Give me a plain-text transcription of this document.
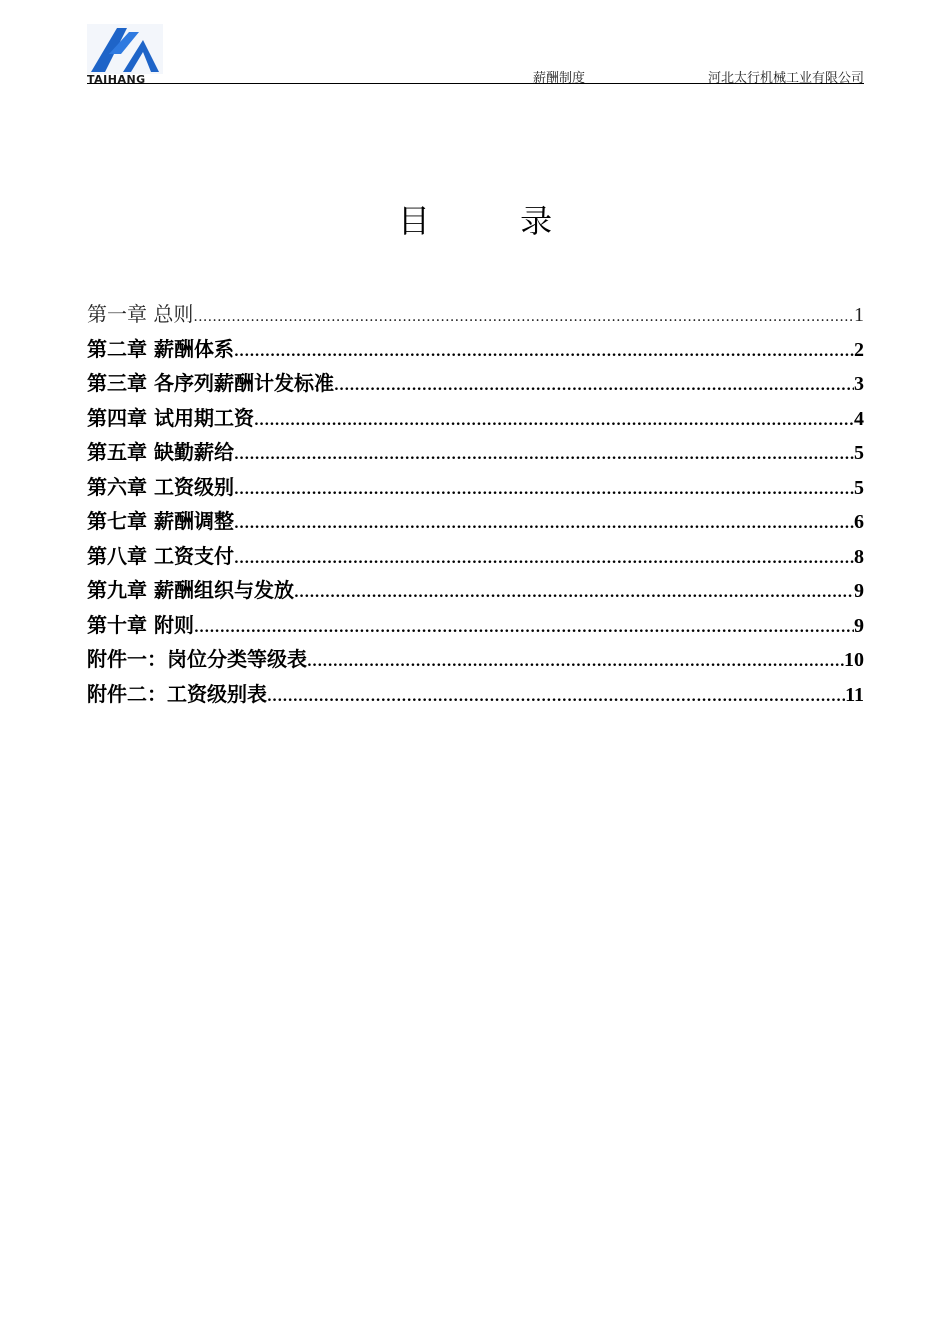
TAIHANG	薪酬制度	河北太行机械工业有限公司
目 录
第一章 总则 .....	1
第二章 薪酬体系 .....	2
第三章 各序列薪酬计发标准 .....	3
第四章 试用期工资 .....	4
第五章 缺勤薪给 .....	5
第六章 工资级别 .....	5
第七章 薪酬调整 .....	6
第八章 工资支付 .....	8
第九章 薪酬组织与发放 .....	9
第十章 附则 .....	9
附件一：岗位分类等级表 .....	10
附件二：工资级别表 .....	11
